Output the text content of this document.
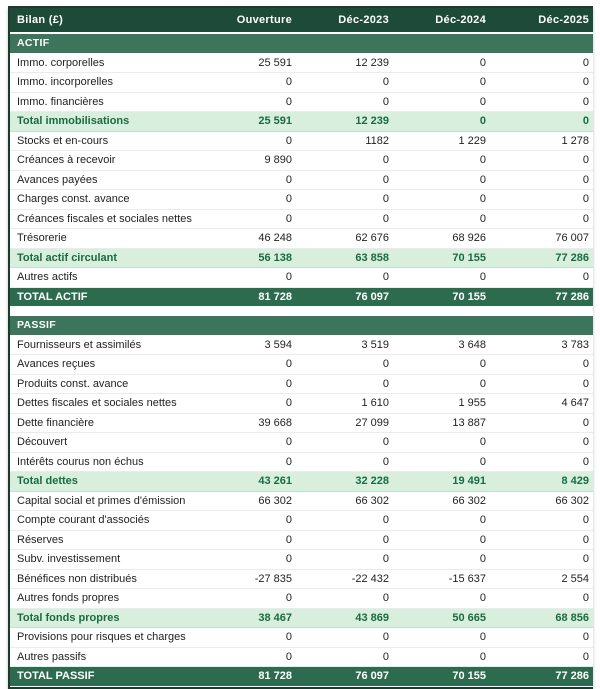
Bilan (£)	Ouverture	Déc-2023	Déc-2024	Déc-2025
ACTIF				
Immo. corporelles	25 591	12 239	0	0
Immo. incorporelles	0	0	0	0
Immo. financières	0	0	0	0
Total immobilisations	25 591	12 239	0	0
Stocks et en-cours	0	1182	1 229	1 278
Créances à recevoir	9 890	0	0	0
Avances payées	0	0	0	0
Charges const. avance	0	0	0	0
Créances fiscales et sociales nettes	0	0	0	0
Trésorerie	46 248	62 676	68 926	76 007
Total actif circulant	56 138	63 858	70 155	77 286
Autres actifs	0	0	0	0
TOTAL ACTIF	81 728	76 097	70 155	77 286

PASSIF				
Fournisseurs et assimilés	3 594	3 519	3 648	3 783
Avances reçues	0	0	0	0
Produits const. avance	0	0	0	0
Dettes fiscales et sociales nettes	0	1 610	1 955	4 647
Dette financière	39 668	27 099	13 887	0
Découvert	0	0	0	0
Intérêts courus non échus	0	0	0	0
Total dettes	43 261	32 228	19 491	8 429
Capital social et primes d'émission	66 302	66 302	66 302	66 302
Compte courant d'associés	0	0	0	0
Réserves	0	0	0	0
Subv. investissement	0	0	0	0
Bénéfices non distribués	-27 835	-22 432	-15 637	2 554
Autres fonds propres	0	0	0	0
Total fonds propres	38 467	43 869	50 665	68 856
Provisions pour risques et charges	0	0	0	0
Autres passifs	0	0	0	0
TOTAL PASSIF	81 728	76 097	70 155	77 286
